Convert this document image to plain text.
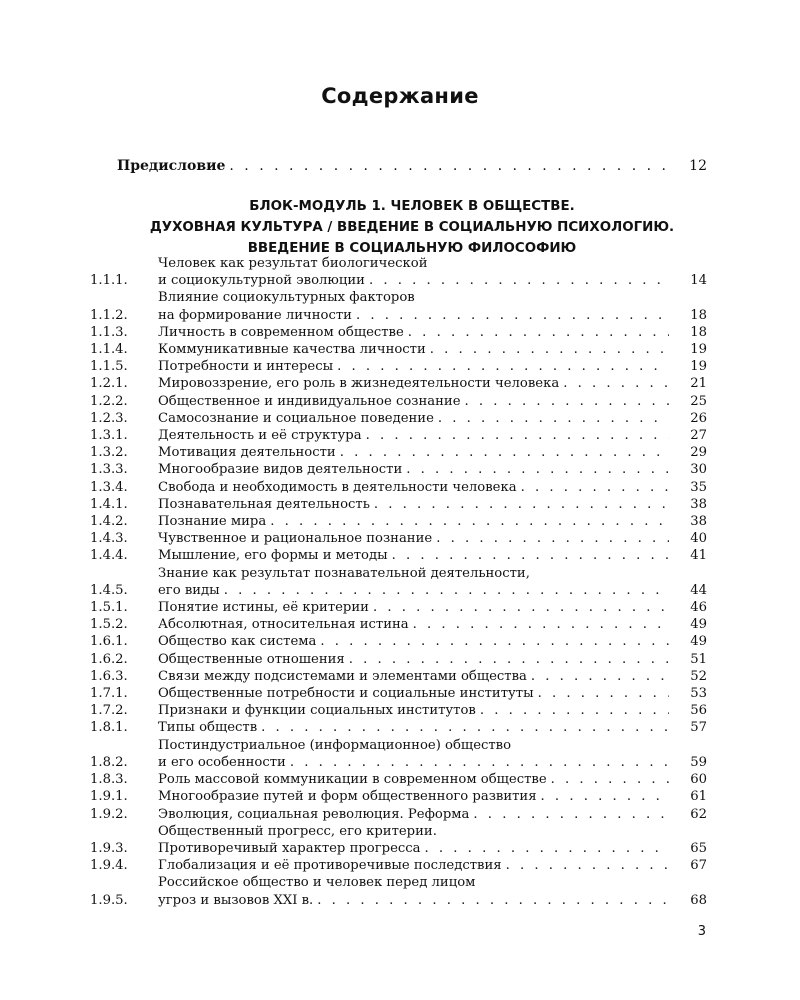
Содержание
Предисловие . . .	12
БЛОК-МОДУЛЬ 1. ЧЕЛОВЕК В ОБЩЕСТВЕ.
ДУХОВНАЯ КУЛЬТУРА / ВВЕДЕНИЕ В СОЦИАЛЬНУЮ ПСИХОЛОГИЮ.
ВВЕДЕНИЕ В СОЦИАЛЬНУЮ ФИЛОСОФИЮ
1.1.1.
Человек как результат биологической
и социокультурной эволюции . . .	14
1.1.2.
Влияние социокультурных факторов
на формирование личности . . .	18
1.1.3.	Личность в современном обществе . . .	18
1.1.4.	Коммуникативные качества личности . . .	19
1.1.5.	Потребности и интересы . . .	19
1.2.1.	Мировоззрение, его роль в жизнедеятельности человека . . .	21
1.2.2.	Общественное и индивидуальное сознание . . .	25
1.2.3.	Самосознание и социальное поведение . . .	26
1.3.1.	Деятельность и её структура . . .	27
1.3.2.	Мотивация деятельности . . .	29
1.3.3.	Многообразие видов деятельности . . .	30
1.3.4.	Свобода и необходимость в деятельности человека . . .	35
1.4.1.	Познавательная деятельность . . .	38
1.4.2.	Познание мира . . .	38
1.4.3.	Чувственное и рациональное познание . . .	40
1.4.4.	Мышление, его формы и методы . . .	41
1.4.5.
Знание как результат познавательной деятельности,
его виды . . .	44
1.5.1.	Понятие истины, её критерии . . .	46
1.5.2.	Абсолютная, относительная истина . . .	49
1.6.1.	Общество как система . . .	49
1.6.2.	Общественные отношения . . .	51
1.6.3.	Связи между подсистемами и элементами общества . . .	52
1.7.1.	Общественные потребности и социальные институты . . .	53
1.7.2.	Признаки и функции социальных институтов . . .	56
1.8.1.	Типы обществ . . .	57
1.8.2.
Постиндустриальное (информационное) общество
и его особенности . . .	59
1.8.3.	Роль массовой коммуникации в современном обществе . . .	60
1.9.1.	Многообразие путей и форм общественного развития . . .	61
1.9.2.	Эволюция, социальная революция. Реформа . . .	62
1.9.3.
Общественный прогресс, его критерии.
Противоречивый характер прогресса . . .	65
1.9.4.	Глобализация и её противоречивые последствия . . .	67
1.9.5.
Российское общество и человек перед лицом
угроз и вызовов XXI в. . . .	68
3
